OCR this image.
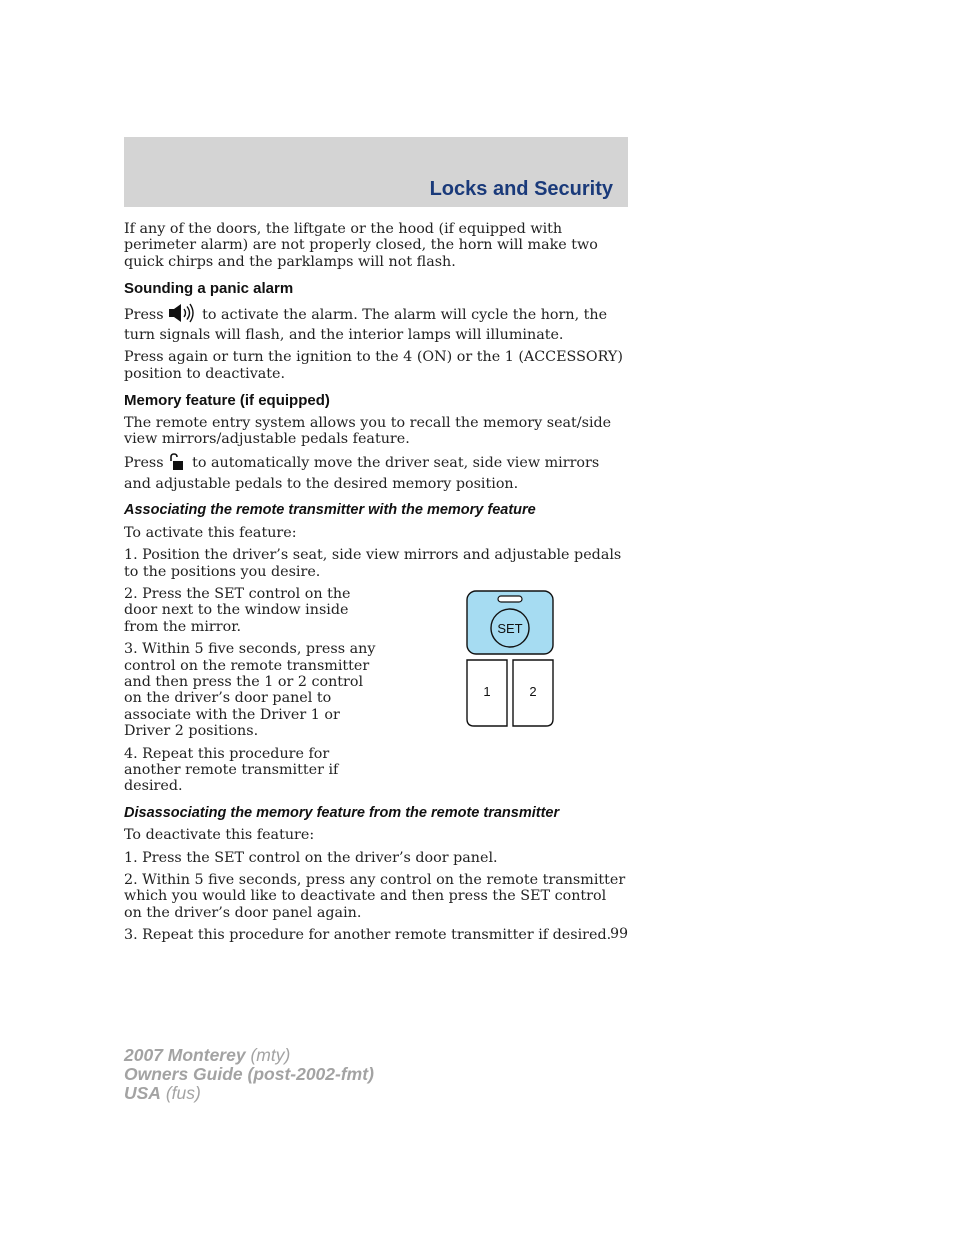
Locks and Security

If any of the doors, the liftgate or the hood (if equipped with perimeter alarm) are not properly closed, the horn will make two quick chirps and the parklamps will not flash.

Sounding a panic alarm

Press	to activate the alarm. The alarm will cycle the horn, the turn signals will flash, and the interior lamps will illuminate.

Press again or turn the ignition to the 4 (ON) or the 1 (ACCESSORY) position to deactivate.

Memory feature (if equipped)

The remote entry system allows you to recall the memory seat/side view mirrors/adjustable pedals feature.

Press to automatically move the driver seat, side view mirrors and adjustable pedals to the desired memory position.

Associating the remote transmitter with the memory feature

To activate this feature:

1. Position the driver’s seat, side view mirrors and adjustable pedals to the positions you desire.

2. Press the SET control on the door next to the window inside from the mirror.

3. Within 5 five seconds, press any control on the remote transmitter and then press the 1 or 2 control on the driver’s door panel to associate with the Driver 1 or Driver 2 positions.

4. Repeat this procedure for another remote transmitter if desired.

SET
1	2
Disassociating the memory feature from the remote transmitter

To deactivate this feature:

1. Press the SET control on the driver’s door panel.

2. Within 5 five seconds, press any control on the remote transmitter which you would like to deactivate and then press the SET control on the driver’s door panel again.

3. Repeat this procedure for another remote transmitter if desired. 99
2007 Monterey (mty)
Owners Guide (post-2002-fmt)
USA (fus)
